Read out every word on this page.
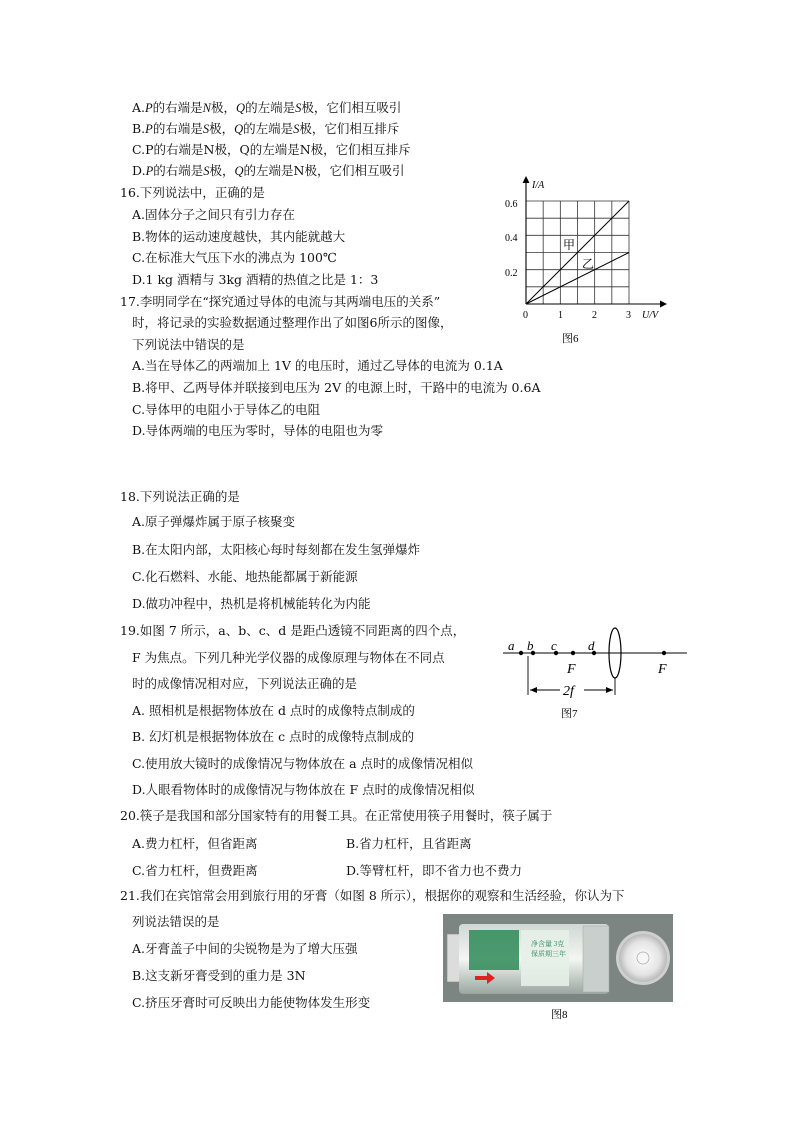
A.P的右端是N极，Q的左端是S极，它们相互吸引
B.P的右端是S极，Q的左端是S极，它们相互排斥
C.P的右端是N极，Q的左端是N极，它们相互排斥
D.P的右端是S极，Q的左端是N极，它们相互吸引
16.下列说法中，正确的是
A.固体分子之间只有引力存在
B.物体的运动速度越快，其内能就越大
C.在标准大气压下水的沸点为 100℃
D.1 kg 酒精与 3kg 酒精的热值之比是 1：3
17.李明同学在“探究通过导体的电流与其两端电压的关系”
时，将记录的实验数据通过整理作出了如图6所示的图像，
下列说法中错误的是
A.当在导体乙的两端加上 1V 的电压时，通过乙导体的电流为 0.1A
B.将甲、乙两导体并联接到电压为 2V 的电源上时，干路中的电流为 0.6A
C.导体甲的电阻小于导体乙的电阻
D.导体两端的电压为零时，导体的电阻也为零
I/A
U/V
0.6
0.4
0.2
0	1	2	3
甲
乙
图6
18.下列说法正确的是
A.原子弹爆炸属于原子核聚变
B.在太阳内部，太阳核心每时每刻都在发生氢弹爆炸
C.化石燃料、水能、地热能都属于新能源
D.做功冲程中，热机是将机械能转化为内能
19.如图 7 所示，a、b、c、d 是距凸透镜不同距离的四个点，
F 为焦点。下列几种光学仪器的成像原理与物体在不同点
时的成像情况相对应，下列说法正确的是
A. 照相机是根据物体放在 d 点时的成像特点制成的
B. 幻灯机是根据物体放在 c 点时的成像特点制成的
C.使用放大镜时的成像情况与物体放在 a 点时的成像情况相似
D.人眼看物体时的成像情况与物体放在 F 点时的成像情况相似
a b c d
F	F
2f
图7
20.筷子是我国和部分国家特有的用餐工具。在正常使用筷子用餐时，筷子属于
A.费力杠杆，但省距离	B.省力杠杆，且省距离
C.省力杠杆，但费距离	D.等臂杠杆，即不省力也不费力
21.我们在宾馆常会用到旅行用的牙膏（如图 8 所示），根据你的观察和生活经验，你认为下
列说法错误的是
A.牙膏盖子中间的尖锐物是为了增大压强
B.这支新牙膏受到的重力是 3N
C.挤压牙膏时可反映出力能使物体发生形变
净含量 3克
保质期三年
图8
